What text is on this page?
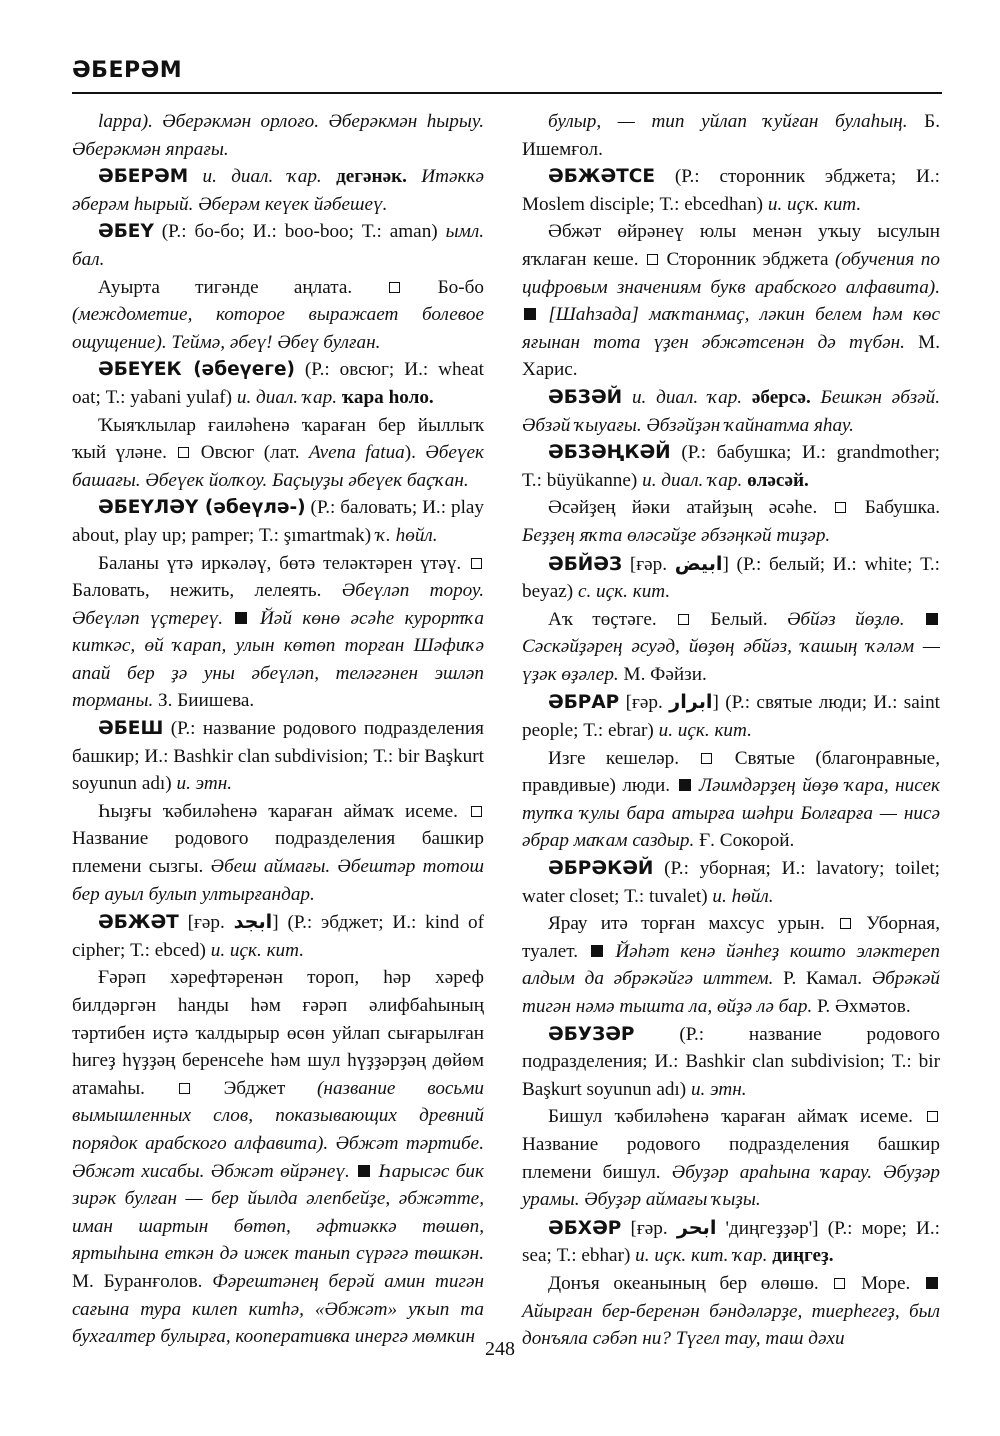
ƏБЕРƏМ

lappa). Əберəкмəн орлоғо. Əберəкмəн һырыу. Əберəкмəн япрағы.

ƏБЕРƏМ и. диал. ҡар. дегəнəк. Итəккə əберəм һырый. Əберəм кеүек йəбешеү.

ƏБЕҮ (Р.: бо-бо; И.: boo-boo; Т.: aman) ымл. бал.

Ауырта тигəнде аңлата.  Бо-бо (междометие, которое выражает болевое ощущение). Теймə, əбеү! Əбеү булған.

ƏБЕҮЕК (əбеүеге) (Р.: овсюг; И.: wheat oat; Т.: yabani yulaf) и. диал. ҡар. ҡара һоло.

Ҡыяҡлылар ғаилəһенə ҡараған бер йыллыҡ ҡый үлəне.  Овсюг (лат. Avena fatua). Əбеүек башағы. Əбеүек йолҡоу. Баҫыуҙы əбеүек баҫҡан.

ƏБЕҮЛƏҮ (əбеүлə-) (Р.: баловать; И.: play about, play up; pamper; Т.: şımartmak) ҡ. һөйл.

Баланы үтə иркəлəү, бөтə телəктəрен үтəү.  Баловать, нежить, лелеять. Əбеүлəп тороу. Əбеүлəп үҫтереү.  Йəй көнө əсəһе курортҡа киткəс, өй ҡарап, улын көтөп торған Шəфиҡə апай бер ҙə уны əбеүлəп, телəгəнен эшлəп торманы. З. Биишева.

ƏБЕШ (Р.: название родового подразделения башкир; И.: Bashkir clan subdivision; Т.: bir Başkurt soyunun adı) и. этн.

Һыҙғы ҡəбилəһенə ҡараған аймаҡ исеме.  Название родового подразделения башкир племени сызгы. Əбеш аймағы. Əбештəр тотош бер ауыл булып ултырғандар.

ƏБЖƏТ [ғəр. ابجد] (Р.: эбджет; И.: kind of cipher; Т.: ebced) и. иҫк. кит.

Ғəрəп хəрефтəренəн тороп, һəр хəреф билдəргəн һанды һəм ғəрəп əлифбаһының тəртибен иҫтə ҡалдырыр өсөн уйлап сығарылған һигеҙ һүҙҙəң беренсеһе һəм шул һүҙҙəрҙəң дөйөм атамаһы.  Эбджет (название восьми вымышленных слов, показывающих древний порядок арабского алфавита). Əбжəт тəртибе. Əбжəт хисабы. Əбжəт өйрəнеү.  Һарысəс бик зирəк булған — бер йылда əлепбейҙе, əбжəтте, иман шартын бөтөп, əфтиəккə төшөп, яртыһына еткəн дə ижек танып сүрəгə төшкəн. М. Буранғолов. Фəрештəнең берəй амин тигəн сағына тура килеп китһə, «Əбжəт» уҡып та бухгалтер булырға, кооперативка инергə мөмкин

булыр, — тип уйлап ҡуйған булаһың. Б. Ишемғол.

ƏБЖƏТСЕ (Р.: сторонник эбджета; И.: Moslem disciple; Т.: ebcedhan) и. иҫк. кит.

Əбжəт өйрəнеү юлы менəн уҡыу ысулын яҡлаған кеше.  Сторонник эбджета (обучения по цифровым значениям букв арабского алфавита).  [Шаһзада] маҡтанмаҫ, лəкин белем һəм көс яғынан тота үҙен əбжəтсенəн дə түбəн. М. Харис.

ƏБЗƏЙ и. диал. ҡар. əберсə. Бешкəн əбзəй. Əбзəй ҡыуағы. Əбзəйҙəн ҡайнатма яһау.

ƏБЗƏҢКƏЙ (Р.: бабушка; И.: grandmother; Т.: büyükanne) и. диал. ҡар. өлəсəй.

Əсəйҙең йəки атайҙың əсəһе.  Бабушка. Беҙҙең яҡта өлəсəйҙе əбзəңкəй тиҙəр.

ƏБЙƏЗ [ғəр. ابيض] (Р.: белый; И.: white; Т.: beyaz) с. иҫк. кит.

Аҡ төҫтəге.  Белый. Əбйəз йөҙлө.  Сəскəйҙəрең əсуəд, йөҙөң əбйəз, ҡашың ҡəлəм — үҙəк өҙəлер. М. Фəйзи.

ƏБРАР [ғəр. ابرار] (Р.: святые люди; И.: saint people; Т.: ebrar) и. иҫк. кит.

Изге кешелəр.  Святые (благонравные, правдивые) люди.  Лəимдəрҙең йөҙө ҡара, нисек тупҡа ҡулы бара атырға шəһри Болғарға — нисə əбрар маҡам саздыр. Ғ. Сокорой.

ƏБРƏКƏЙ (Р.: уборная; И.: lavatory; toilet; water closet; Т.: tuvalet) и. һөйл.

Ярау итə торған махсус урын.  Уборная, туалет.  Йəһəт кенə йəнһеҙ кошто элəктереп алдым да əбрəкəйгə илттем. Р. Камал. Əбрəкəй тигəн нəмə тышта ла, өйҙə лə бар. Р. Əхмəтов.

ƏБУЗƏР (Р.: название родового подразделения; И.: Bashkir clan subdivision; Т.: bir Başkurt soyunun adı) и. этн.

Бишул ҡəбилəһенə ҡараған аймаҡ исеме.  Название родового подразделения башкир племени бишул. Əбуҙəр араһына ҡарау. Əбуҙəр урамы. Əбуҙəр аймағы ҡыҙы.

ƏБХƏР [ғəр. ابحر 'диңгеҙҙəр'] (Р.: море; И.: sea; Т.: ebhar) и. иҫк. кит. ҡар. диңгеҙ.

Донъя океанының бер өлөшө.  Море.  Айырған бер-беренəн бəндəлəрҙе, тиерһегеҙ, был донъяла сəбəп ни? Түгел тау, таш дəхи

248
